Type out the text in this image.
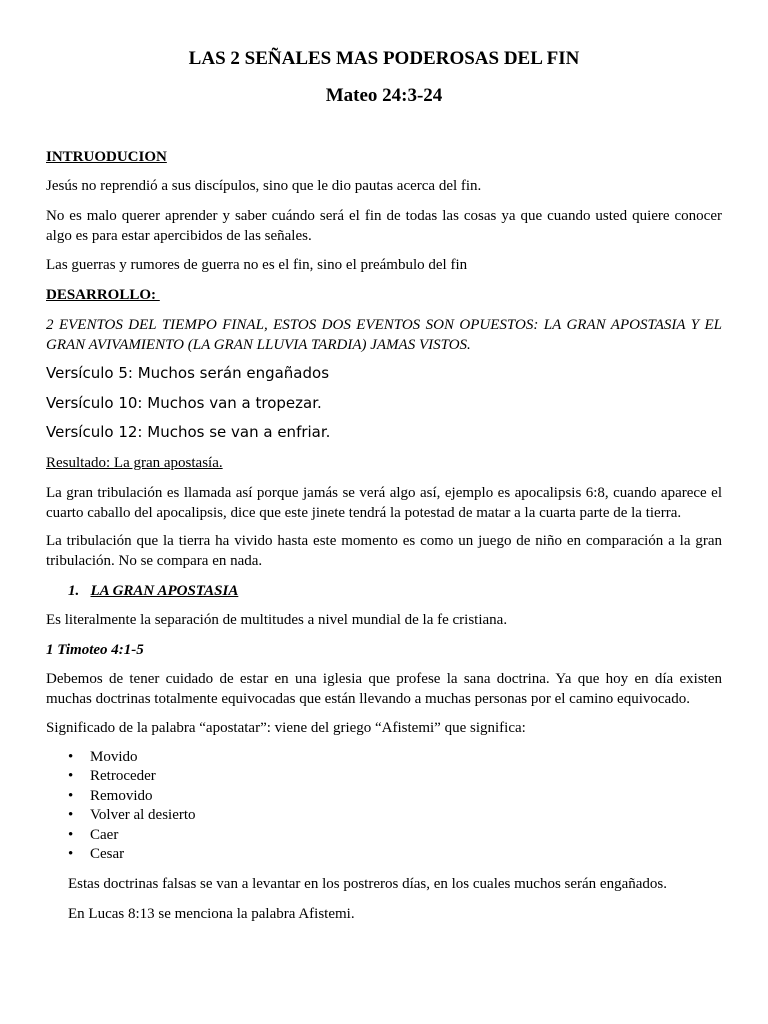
LAS 2 SEÑALES MAS PODEROSAS DEL FIN
Mateo 24:3-24

INTRUODUCION

Jesús no reprendió a sus discípulos, sino que le dio pautas acerca del fin.

No es malo querer aprender y saber cuándo será el fin de todas las cosas ya que cuando usted quiere conocer algo es para estar apercibidos de las señales.

Las guerras y rumores de guerra no es el fin, sino el preámbulo del fin

DESARROLLO:

2 EVENTOS DEL TIEMPO FINAL, ESTOS DOS EVENTOS SON OPUESTOS: LA GRAN APOSTASIA Y EL GRAN AVIVAMIENTO (LA GRAN LLUVIA TARDIA) JAMAS VISTOS.

Versículo 5: Muchos serán engañados

Versículo 10: Muchos van a tropezar.

Versículo 12: Muchos se van a enfriar.

Resultado: La gran apostasía.

La gran tribulación es llamada así porque jamás se verá algo así, ejemplo es apocalipsis 6:8, cuando aparece el cuarto caballo del apocalipsis, dice que este jinete tendrá la potestad de matar a la cuarta parte de la tierra.

La tribulación que la tierra ha vivido hasta este momento es como un juego de niño en comparación a la gran tribulación. No se compara en nada.

1. LA GRAN APOSTASIA

Es literalmente la separación de multitudes a nivel mundial de la fe cristiana.

1 Timoteo 4:1-5

Debemos de tener cuidado de estar en una iglesia que profese la sana doctrina. Ya que hoy en día existen muchas doctrinas totalmente equivocadas que están llevando a muchas personas por el camino equivocado.

Significado de la palabra “apostatar”: viene del griego “Afistemi” que significa:

• Movido
• Retroceder
• Removido
• Volver al desierto
• Caer
• Cesar

Estas doctrinas falsas se van a levantar en los postreros días, en los cuales muchos serán engañados.

En Lucas 8:13 se menciona la palabra Afistemi.
